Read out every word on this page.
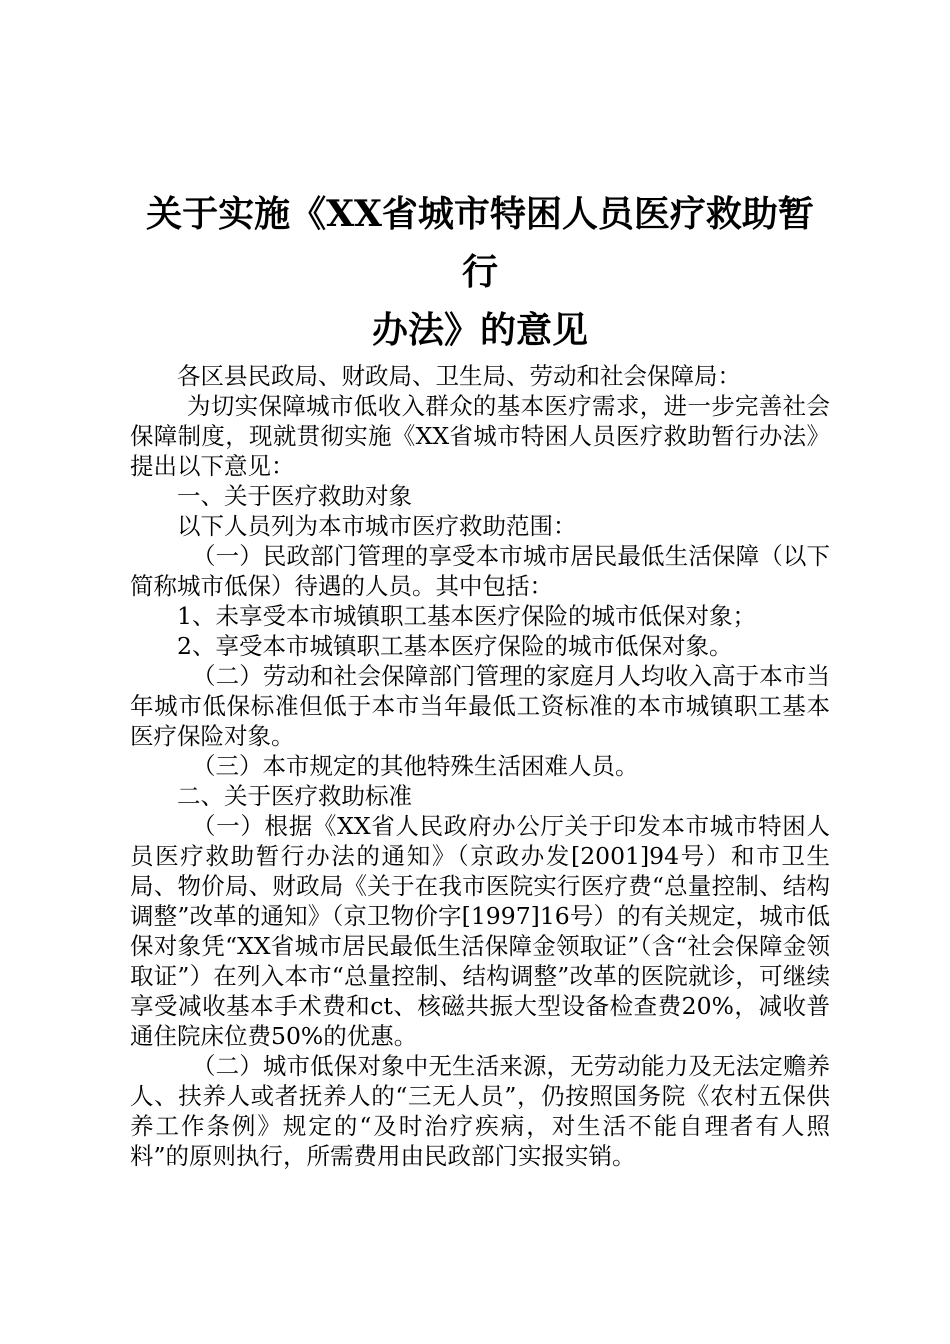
关于实施《XX省城市特困人员医疗救助暂行
办法》的意见

各区县民政局、财政局、卫生局、劳动和社会保障局：

为切实保障城市低收入群众的基本医疗需求，进一步完善社会保障制度，现就贯彻实施《XX省城市特困人员医疗救助暂行办法》提出以下意见：

一、关于医疗救助对象

以下人员列为本市城市医疗救助范围：

（一）民政部门管理的享受本市城市居民最低生活保障（以下简称城市低保）待遇的人员。其中包括：

1、未享受本市城镇职工基本医疗保险的城市低保对象；

2、享受本市城镇职工基本医疗保险的城市低保对象。

（二）劳动和社会保障部门管理的家庭月人均收入高于本市当年城市低保标准但低于本市当年最低工资标准的本市城镇职工基本医疗保险对象。

（三）本市规定的其他特殊生活困难人员。

二、关于医疗救助标准

（一）根据《XX省人民政府办公厅关于印发本市城市特困人员医疗救助暂行办法的通知》（京政办发[2001]94号）和市卫生局、物价局、财政局《关于在我市医院实行医疗费“总量控制、结构调整”改革的通知》（京卫物价字[1997]16号）的有关规定，城市低保对象凭“XX省城市居民最低生活保障金领取证”（含“社会保障金领取证”）在列入本市“总量控制、结构调整”改革的医院就诊，可继续享受减收基本手术费和ct、核磁共振大型设备检查费20%，减收普通住院床位费50%的优惠。

（二）城市低保对象中无生活来源，无劳动能力及无法定赡养人、扶养人或者抚养人的“三无人员”，仍按照国务院《农村五保供养工作条例》规定的“及时治疗疾病，对生活不能自理者有人照料”的原则执行，所需费用由民政部门实报实销。
